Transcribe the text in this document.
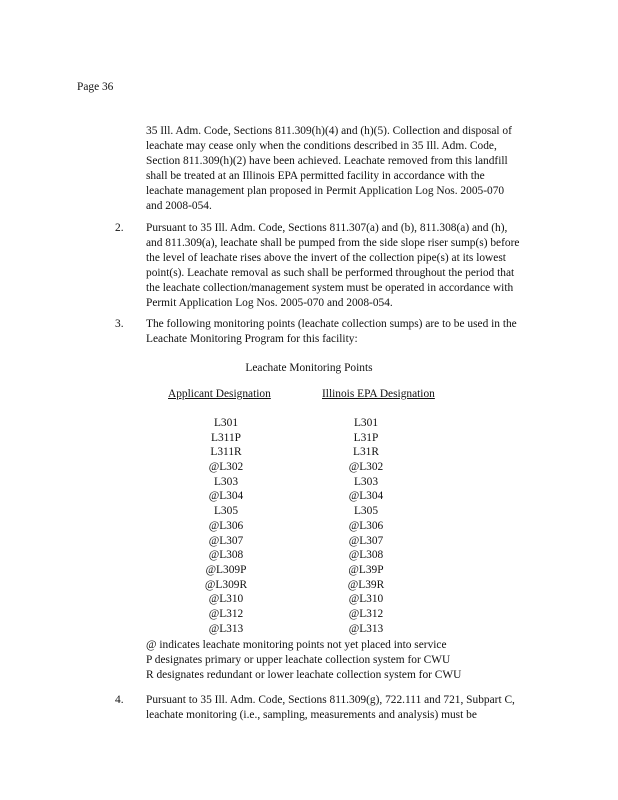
Page 36
35 Ill. Adm. Code, Sections 811.309(h)(4) and (h)(5). Collection and disposal of
leachate may cease only when the conditions described in 35 Ill. Adm. Code,
Section 811.309(h)(2) have been achieved. Leachate removed from this landfill
shall be treated at an Illinois EPA permitted facility in accordance with the
leachate management plan proposed in Permit Application Log Nos. 2005-070
and 2008-054.
2. Pursuant to 35 Ill. Adm. Code, Sections 811.307(a) and (b), 811.308(a) and (h),
and 811.309(a), leachate shall be pumped from the side slope riser sump(s) before
the level of leachate rises above the invert of the collection pipe(s) at its lowest
point(s). Leachate removal as such shall be performed throughout the period that
the leachate collection/management system must be operated in accordance with
Permit Application Log Nos. 2005-070 and 2008-054.
3. The following monitoring points (leachate collection sumps) are to be used in the
Leachate Monitoring Program for this facility:
Leachate Monitoring Points
Applicant Designation	Illinois EPA Designation
L301
L311P
L311R
@L302
L303
@L304
L305
@L306
@L307
@L308
@L309P
@L309R
@L310
@L312
@L313
L301
L31P
L31R
@L302
L303
@L304
L305
@L306
@L307
@L308
@L39P
@L39R
@L310
@L312
@L313
@ indicates leachate monitoring points not yet placed into service
P designates primary or upper leachate collection system for CWU
R designates redundant or lower leachate collection system for CWU
4. Pursuant to 35 Ill. Adm. Code, Sections 811.309(g), 722.111 and 721, Subpart C,
leachate monitoring (i.e., sampling, measurements and analysis) must be
